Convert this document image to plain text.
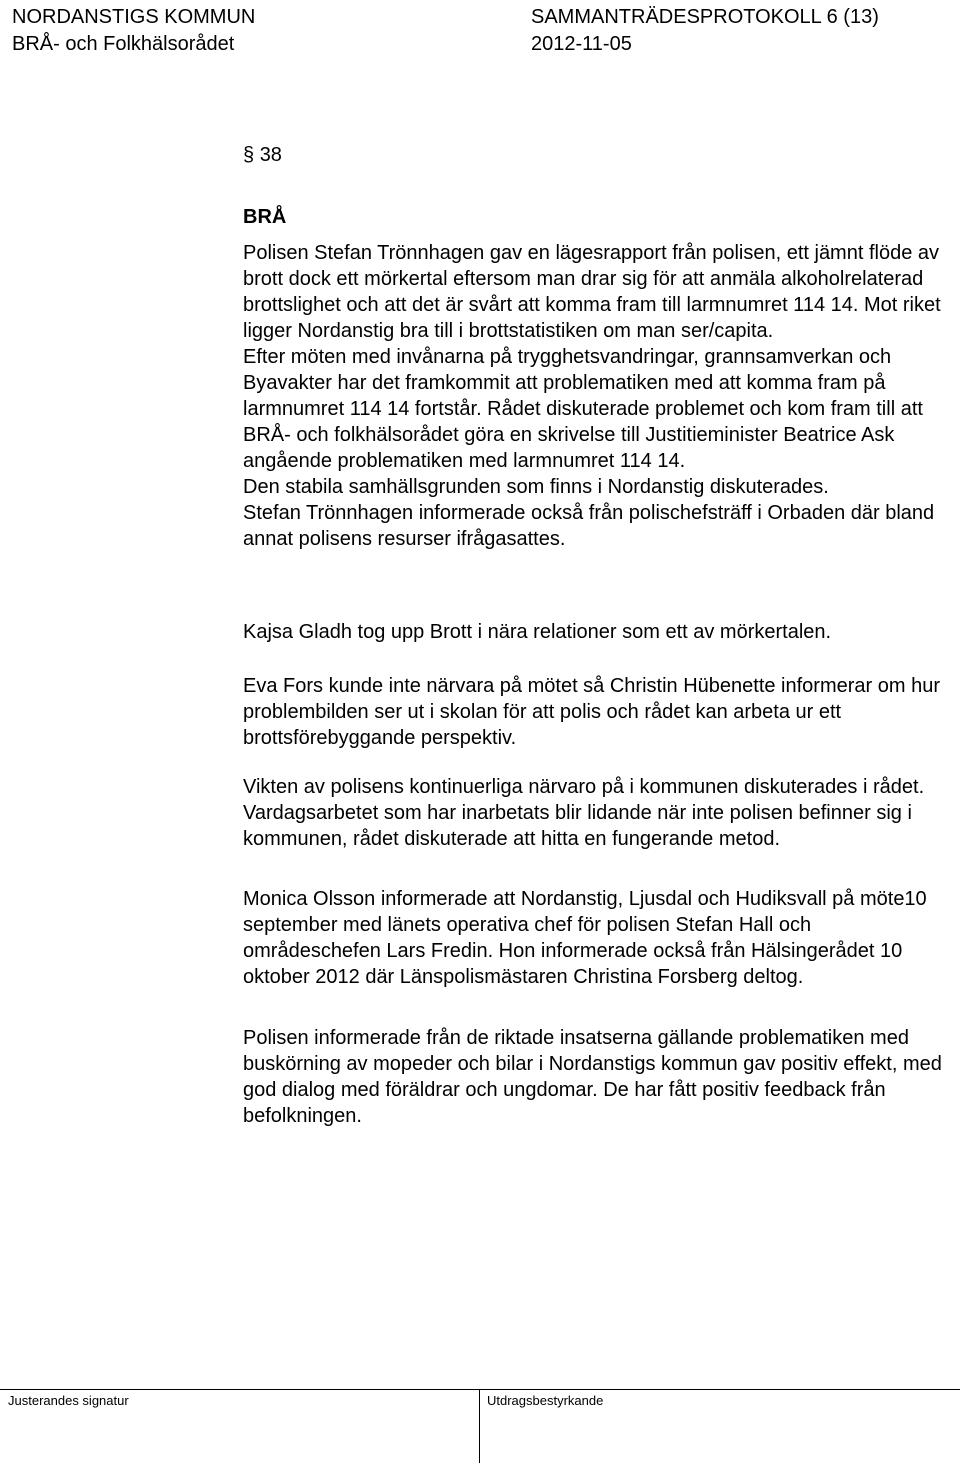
NORDANSTIGS KOMMUN	SAMMANTRÄDESPROTOKOLL 6 (13)
BRÅ- och Folkhälsorådet	2012-11-05
§ 38
BRÅ

Polisen Stefan Trönnhagen gav en lägesrapport från polisen, ett jämnt flöde av brott dock ett mörkertal eftersom man drar sig för att anmäla alkoholrelaterad brottslighet och att det är svårt att komma fram till larmnumret 114 14. Mot riket ligger Nordanstig bra till i brottstatistiken om man ser/capita.
Efter möten med invånarna på trygghetsvandringar, grannsamverkan och Byavakter har det framkommit att problematiken med att komma fram på larmnumret 114 14 fortstår. Rådet diskuterade problemet och kom fram till att BRÅ- och folkhälsorådet göra en skrivelse till Justitieminister Beatrice Ask angående problematiken med larmnumret 114 14.
Den stabila samhällsgrunden som finns i Nordanstig diskuterades.
Stefan Trönnhagen informerade också från polischefsträff i Orbaden där bland annat polisens resurser ifrågasattes.

Kajsa Gladh tog upp Brott i nära relationer som ett av mörkertalen.

Eva Fors kunde inte närvara på mötet så Christin Hübenette informerar om hur problembilden ser ut i skolan för att polis och rådet kan arbeta ur ett brottsförebyggande perspektiv.

Vikten av polisens kontinuerliga närvaro på i kommunen diskuterades i rådet. Vardagsarbetet som har inarbetats blir lidande när inte polisen befinner sig i kommunen, rådet diskuterade att hitta en fungerande metod.

Monica Olsson informerade att Nordanstig, Ljusdal och Hudiksvall på möte10 september med länets operativa chef för polisen Stefan Hall och områdeschefen Lars Fredin. Hon informerade också från Hälsingerådet 10 oktober 2012 där Länspolismästaren Christina Forsberg deltog.

Polisen informerade från de riktade insatserna gällande problematiken med buskörning av mopeder och bilar i Nordanstigs kommun gav positiv effekt, med god dialog med föräldrar och ungdomar. De har fått positiv feedback från befolkningen.

Justerandes signatur	Utdragsbestyrkande
